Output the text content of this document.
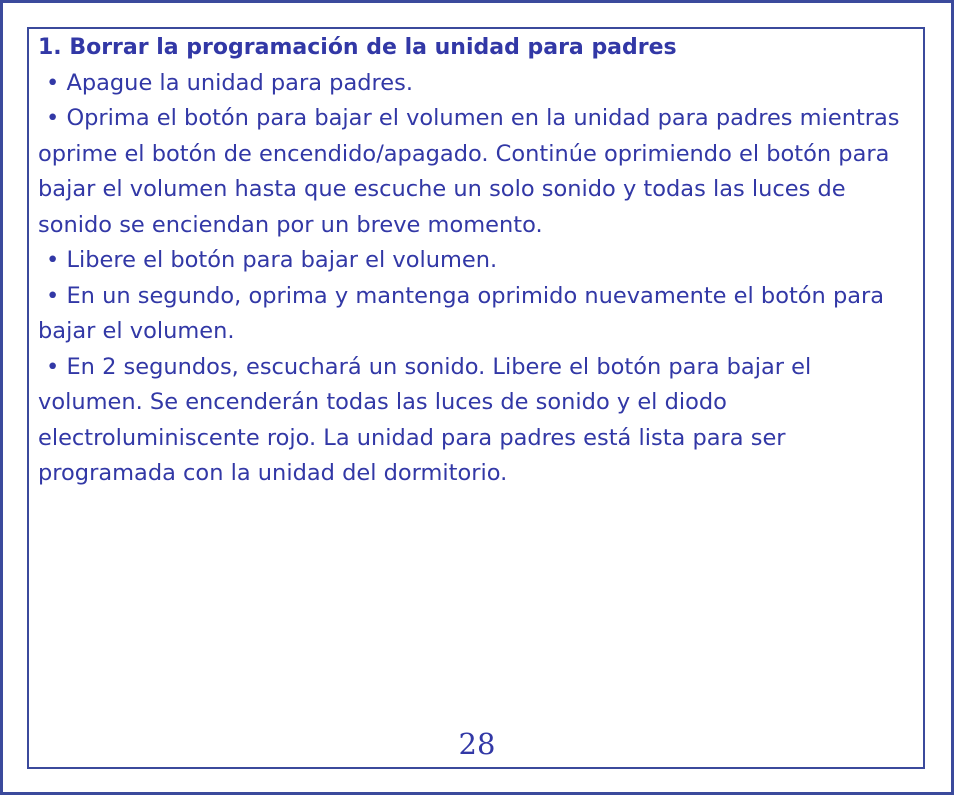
1. Borrar la programación de la unidad para padres

• Apague la unidad para padres.

• Oprima el botón para bajar el volumen en la unidad para padres mientras oprime el botón de encendido/apagado. Continúe oprimiendo el botón para bajar el volumen hasta que escuche un solo sonido y todas las luces de sonido se enciendan por un breve momento.

• Libere el botón para bajar el volumen.

• En un segundo, oprima y mantenga oprimido nuevamente el botón para bajar el volumen.

• En 2 segundos, escuchará un sonido. Libere el botón para bajar el volumen. Se encenderán todas las luces de sonido y el diodo electroluminiscente rojo. La unidad para padres está lista para ser programada con la unidad del dormitorio.

28
